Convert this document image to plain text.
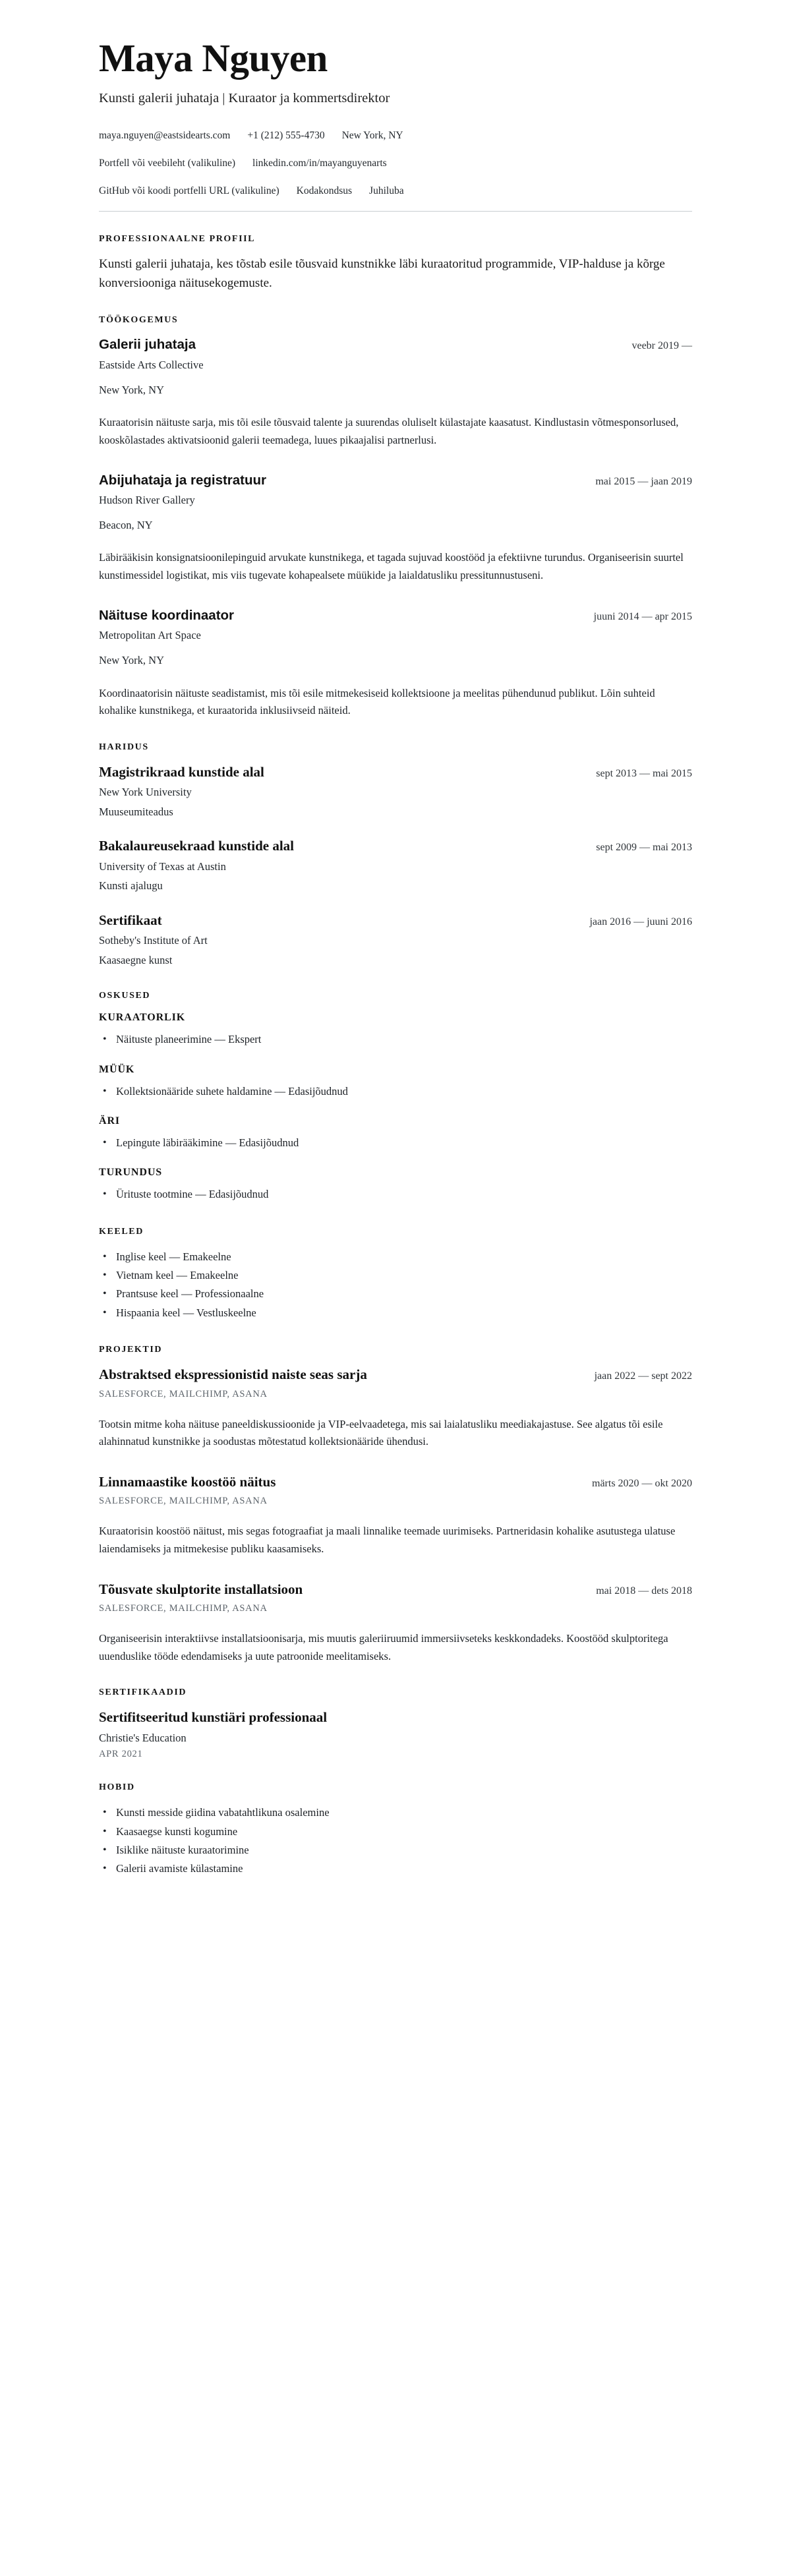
Maya Nguyen
Kunsti galerii juhataja | Kuraator ja kommertsdirektor
maya.nguyen@eastsidearts.com +1 (212) 555-4730 New York, NY
Portfell või veebileht (valikuline) linkedin.com/in/mayanguyenarts
GitHub või koodi portfelli URL (valikuline) Kodakondsus Juhiluba
PROFESSIONAALNE PROFIIL

Kunsti galerii juhataja, kes tõstab esile tõusvaid kunstnikke läbi kuraatoritud programmide, VIP-halduse ja kõrge konversiooniga näitusekogemuste.

TÖÖKOGEMUS
Galerii juhataja	veebr 2019 —
Eastside Arts Collective
New York, NY
Kuraatorisin näituste sarja, mis tõi esile tõusvaid talente ja suurendas oluliselt külastajate kaasatust. Kindlustasin võtmesponsorlused, kooskõlastades aktivatsioonid galerii teemadega, luues pikaajalisi partnerlusi.
Abijuhataja ja registratuur	mai 2015 — jaan 2019
Hudson River Gallery
Beacon, NY
Läbirääkisin konsignatsioonilepinguid arvukate kunstnikega, et tagada sujuvad koostööd ja efektiivne turundus. Organiseerisin suurtel kunstimessidel logistikat, mis viis tugevate kohapealsete müükide ja laialdatusliku pressitunnustuseni.
Näituse koordinaator	juuni 2014 — apr 2015
Metropolitan Art Space
New York, NY
Koordinaatorisin näituste seadistamist, mis tõi esile mitmekesiseid kollektsioone ja meelitas pühendunud publikut. Lõin suhteid kohalike kunstnikega, et kuraatorida inklusiivseid näiteid.
HARIDUS
Magistrikraad kunstide alal	sept 2013 — mai 2015
New York University
Muuseumiteadus
Bakalaureusekraad kunstide alal	sept 2009 — mai 2013
University of Texas at Austin
Kunsti ajalugu
Sertifikaat	jaan 2016 — juuni 2016
Sotheby's Institute of Art
Kaasaegne kunst
OSKUSED
KURAATORLIK
• Näituste planeerimine — Ekspert
MÜÜK
• Kollektsionääride suhete haldamine — Edasijõudnud
ÄRI
• Lepingute läbirääkimine — Edasijõudnud
TURUNDUS
• Ürituste tootmine — Edasijõudnud
KEELED
• Inglise keel — Emakeelne
• Vietnam keel — Emakeelne
• Prantsuse keel — Professionaalne
• Hispaania keel — Vestluskeelne
PROJEKTID
Abstraktsed ekspressionistid naiste seas sarja	jaan 2022 — sept 2022
SALESFORCE, MAILCHIMP, ASANA
Tootsin mitme koha näituse paneeldiskussioonide ja VIP-eelvaadetega, mis sai laialatusliku meediakajastuse. See algatus tõi esile alahinnatud kunstnikke ja soodustas mõtestatud kollektsionääride ühendusi.
Linnamaastike koostöö näitus	märts 2020 — okt 2020
SALESFORCE, MAILCHIMP, ASANA
Kuraatorisin koostöö näitust, mis segas fotograafiat ja maali linnalike teemade uurimiseks. Partneridasin kohalike asutustega ulatuse laiendamiseks ja mitmekesise publiku kaasamiseks.
Tõusvate skulptorite installatsioon	mai 2018 — dets 2018
SALESFORCE, MAILCHIMP, ASANA
Organiseerisin interaktiivse installatsioonisarja, mis muutis galeriiruumid immersiivseteks keskkondadeks. Koostööd skulptoritega uuenduslike tööde edendamiseks ja uute patroonide meelitamiseks.
SERTIFIKAADID
Sertifitseeritud kunstiäri professionaal
Christie's Education
APR 2021
HOBID
• Kunsti messide giidina vabatahtlikuna osalemine
• Kaasaegse kunsti kogumine
• Isiklike näituste kuraatorimine
• Galerii avamiste külastamine
